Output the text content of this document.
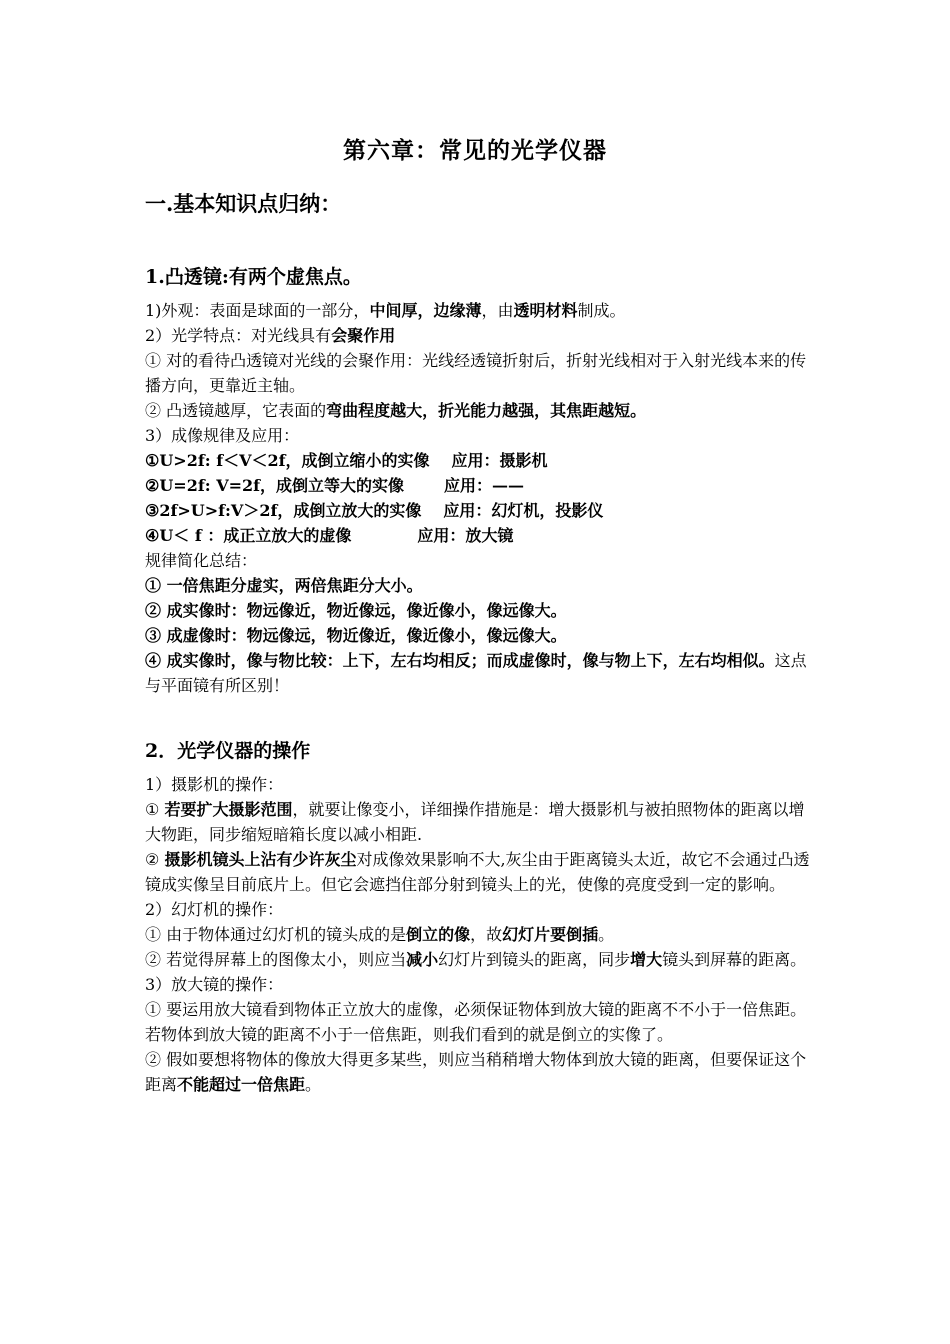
第六章：常见的光学仪器
一.基本知识点归纳：
1.凸透镜:有两个虚焦点。
1)外观：表面是球面的一部分，中间厚，边缘薄，由透明材料制成。
2）光学特点：对光线具有会聚作用
① 对的看待凸透镜对光线的会聚作用：光线经透镜折射后，折射光线相对于入射光线本来的传播方向，更靠近主轴。
② 凸透镜越厚，它表面的弯曲程度越大，折光能力越强，其焦距越短。
3）成像规律及应用：
①U>2f: f＜V＜2f，成倒立缩小的实像 应用：摄影机
②U=2f: V=2f，成倒立等大的实像	应用：——
③2f>U>f:V＞2f，成倒立放大的实像 应用：幻灯机，投影仪
④U＜ f ：成正立放大的虚像	应用：放大镜
规律简化总结：
① 一倍焦距分虚实，两倍焦距分大小。
② 成实像时：物远像近，物近像远，像近像小，像远像大。
③ 成虚像时：物远像远，物近像近，像近像小，像远像大。
④ 成实像时，像与物比较：上下，左右均相反；而成虚像时，像与物上下，左右均相似。这点与平面镜有所区别！
2．光学仪器的操作
1）摄影机的操作：
① 若要扩大摄影范围，就要让像变小，详细操作措施是：增大摄影机与被拍照物体的距离以增大物距，同步缩短暗箱长度以减小相距.
② 摄影机镜头上沾有少许灰尘对成像效果影响不大,灰尘由于距离镜头太近，故它不会通过凸透镜成实像呈目前底片上。但它会遮挡住部分射到镜头上的光，使像的亮度受到一定的影响。
2）幻灯机的操作：
① 由于物体通过幻灯机的镜头成的是倒立的像，故幻灯片要倒插。
② 若觉得屏幕上的图像太小，则应当减小幻灯片到镜头的距离，同步增大镜头到屏幕的距离。
3）放大镜的操作：
① 要运用放大镜看到物体正立放大的虚像，必须保证物体到放大镜的距离不不小于一倍焦距。若物体到放大镜的距离不小于一倍焦距，则我们看到的就是倒立的实像了。
② 假如要想将物体的像放大得更多某些，则应当稍稍增大物体到放大镜的距离，但要保证这个距离不能超过一倍焦距。
